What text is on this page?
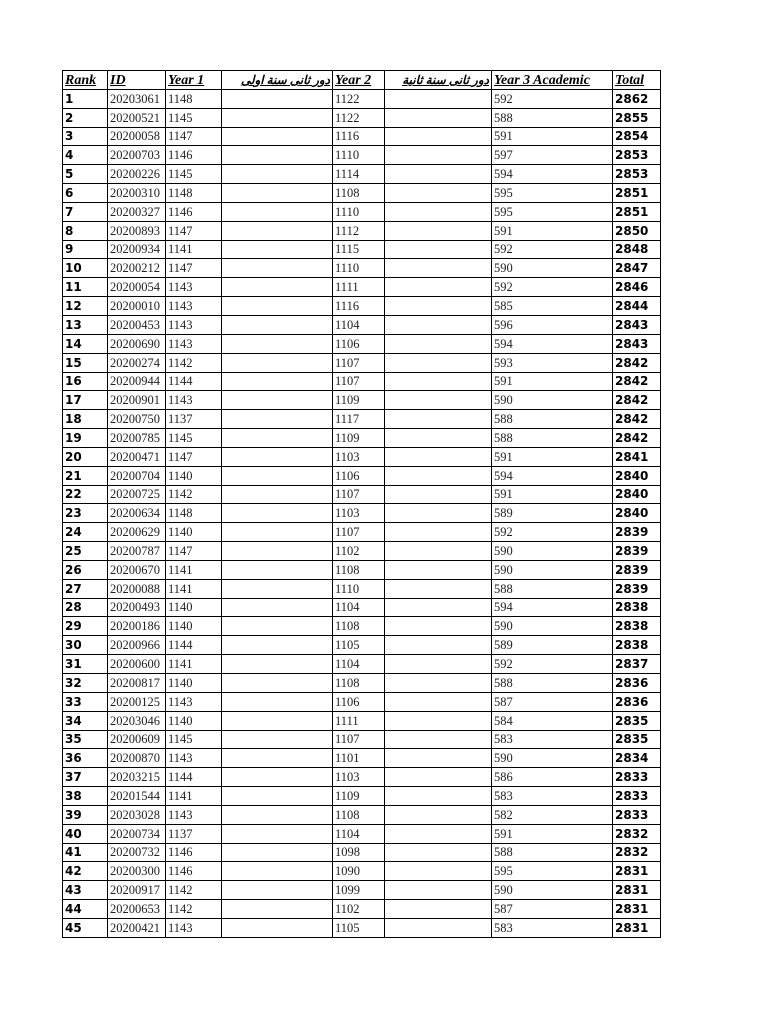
Rank	ID	Year 1	دور ثانى سنة اولى	Year 2	دور ثانى سنة ثانية	Year 3 Academic	Total
1	20203061	1148		1122		592	2862
2	20200521	1145		1122		588	2855
3	20200058	1147		1116		591	2854
4	20200703	1146		1110		597	2853
5	20200226	1145		1114		594	2853
6	20200310	1148		1108		595	2851
7	20200327	1146		1110		595	2851
8	20200893	1147		1112		591	2850
9	20200934	1141		1115		592	2848
10	20200212	1147		1110		590	2847
11	20200054	1143		1111		592	2846
12	20200010	1143		1116		585	2844
13	20200453	1143		1104		596	2843
14	20200690	1143		1106		594	2843
15	20200274	1142		1107		593	2842
16	20200944	1144		1107		591	2842
17	20200901	1143		1109		590	2842
18	20200750	1137		1117		588	2842
19	20200785	1145		1109		588	2842
20	20200471	1147		1103		591	2841
21	20200704	1140		1106		594	2840
22	20200725	1142		1107		591	2840
23	20200634	1148		1103		589	2840
24	20200629	1140		1107		592	2839
25	20200787	1147		1102		590	2839
26	20200670	1141		1108		590	2839
27	20200088	1141		1110		588	2839
28	20200493	1140		1104		594	2838
29	20200186	1140		1108		590	2838
30	20200966	1144		1105		589	2838
31	20200600	1141		1104		592	2837
32	20200817	1140		1108		588	2836
33	20200125	1143		1106		587	2836
34	20203046	1140		1111		584	2835
35	20200609	1145		1107		583	2835
36	20200870	1143		1101		590	2834
37	20203215	1144		1103		586	2833
38	20201544	1141		1109		583	2833
39	20203028	1143		1108		582	2833
40	20200734	1137		1104		591	2832
41	20200732	1146		1098		588	2832
42	20200300	1146		1090		595	2831
43	20200917	1142		1099		590	2831
44	20200653	1142		1102		587	2831
45	20200421	1143		1105		583	2831
